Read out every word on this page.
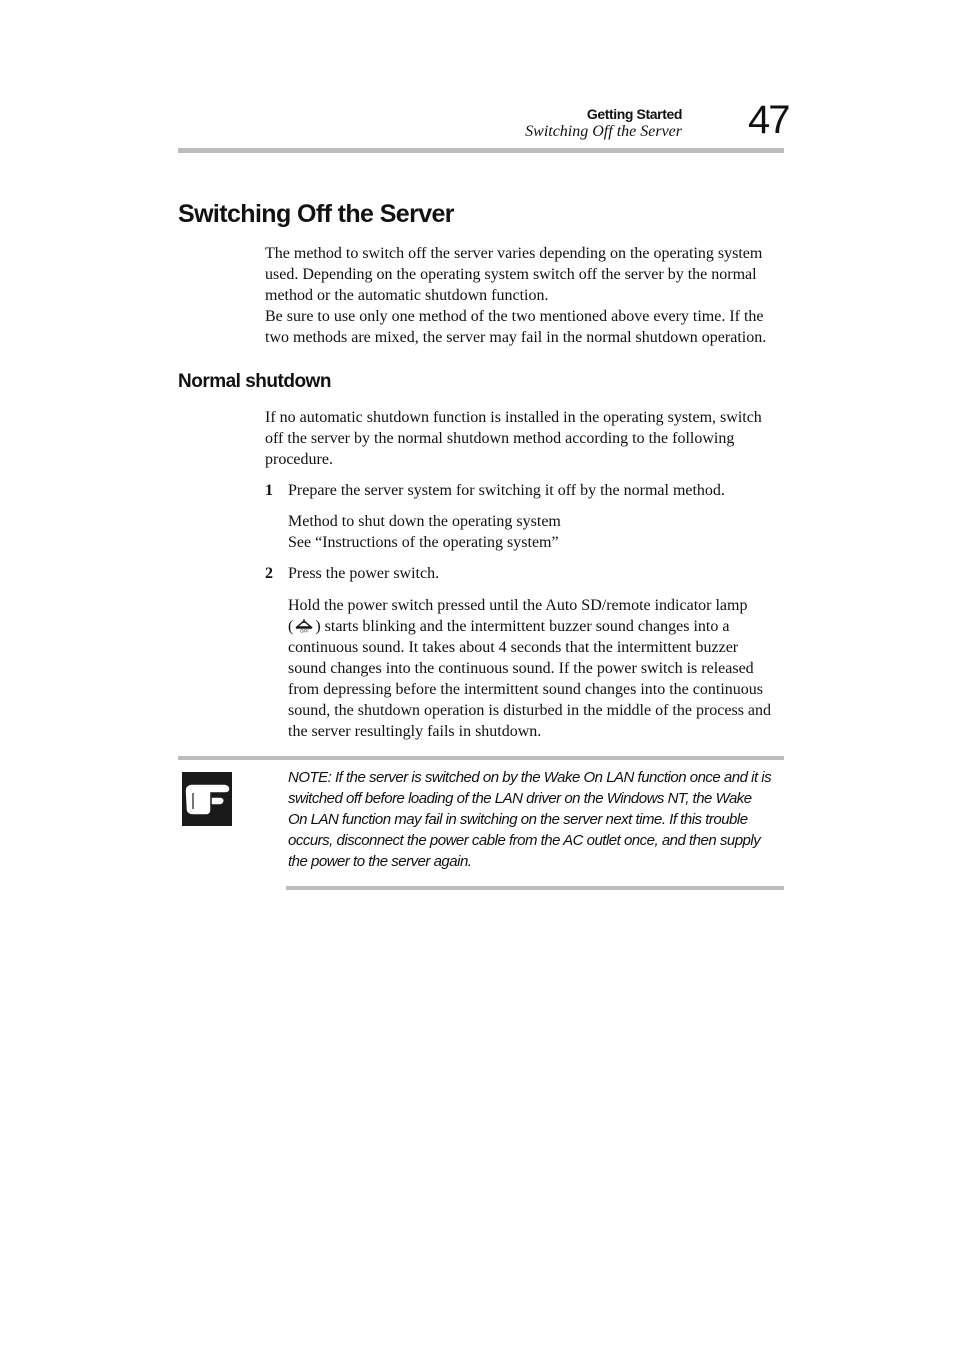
Getting Started
Switching Off the Server 47
Switching Off the Server

The method to switch off the server varies depending on the operating system
used. Depending on the operating system switch off the server by the normal
method or the automatic shutdown function.
Be sure to use only one method of the two mentioned above every time. If the
two methods are mixed, the server may fail in the normal shutdown operation.

Normal shutdown

If no automatic shutdown function is installed in the operating system, switch
off the server by the normal shutdown method according to the following
procedure.

1 Prepare the server system for switching it off by the normal method.

Method to shut down the operating system
See “Instructions of the operating system”

2 Press the power switch.

Hold the power switch pressed until the Auto SD/remote indicator lamp
( OFF ) starts blinking and the intermittent buzzer sound changes into a
continuous sound. It takes about 4 seconds that the intermittent buzzer
sound changes into the continuous sound. If the power switch is released
from depressing before the intermittent sound changes into the continuous
sound, the shutdown operation is disturbed in the middle of the process and
the server resultingly fails in shutdown.

NOTE: If the server is switched on by the Wake On LAN function once and it is
switched off before loading of the LAN driver on the Windows NT, the Wake
On LAN function may fail in switching on the server next time. If this trouble
occurs, disconnect the power cable from the AC outlet once, and then supply
the power to the server again.
